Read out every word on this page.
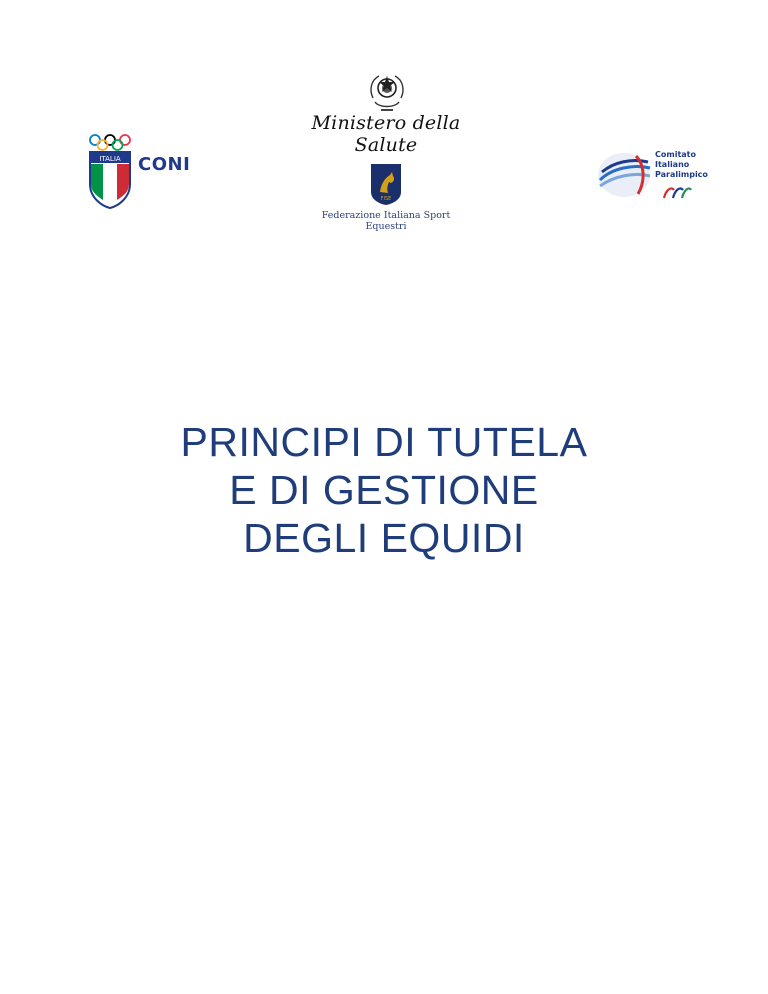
Ministero della Salute
ITALIA CONI
FISE
Federazione Italiana Sport Equestri
Comitato
Italiano
Paralimpico
PRINCIPI DI TUTELA
E DI GESTIONE
DEGLI EQUIDI
